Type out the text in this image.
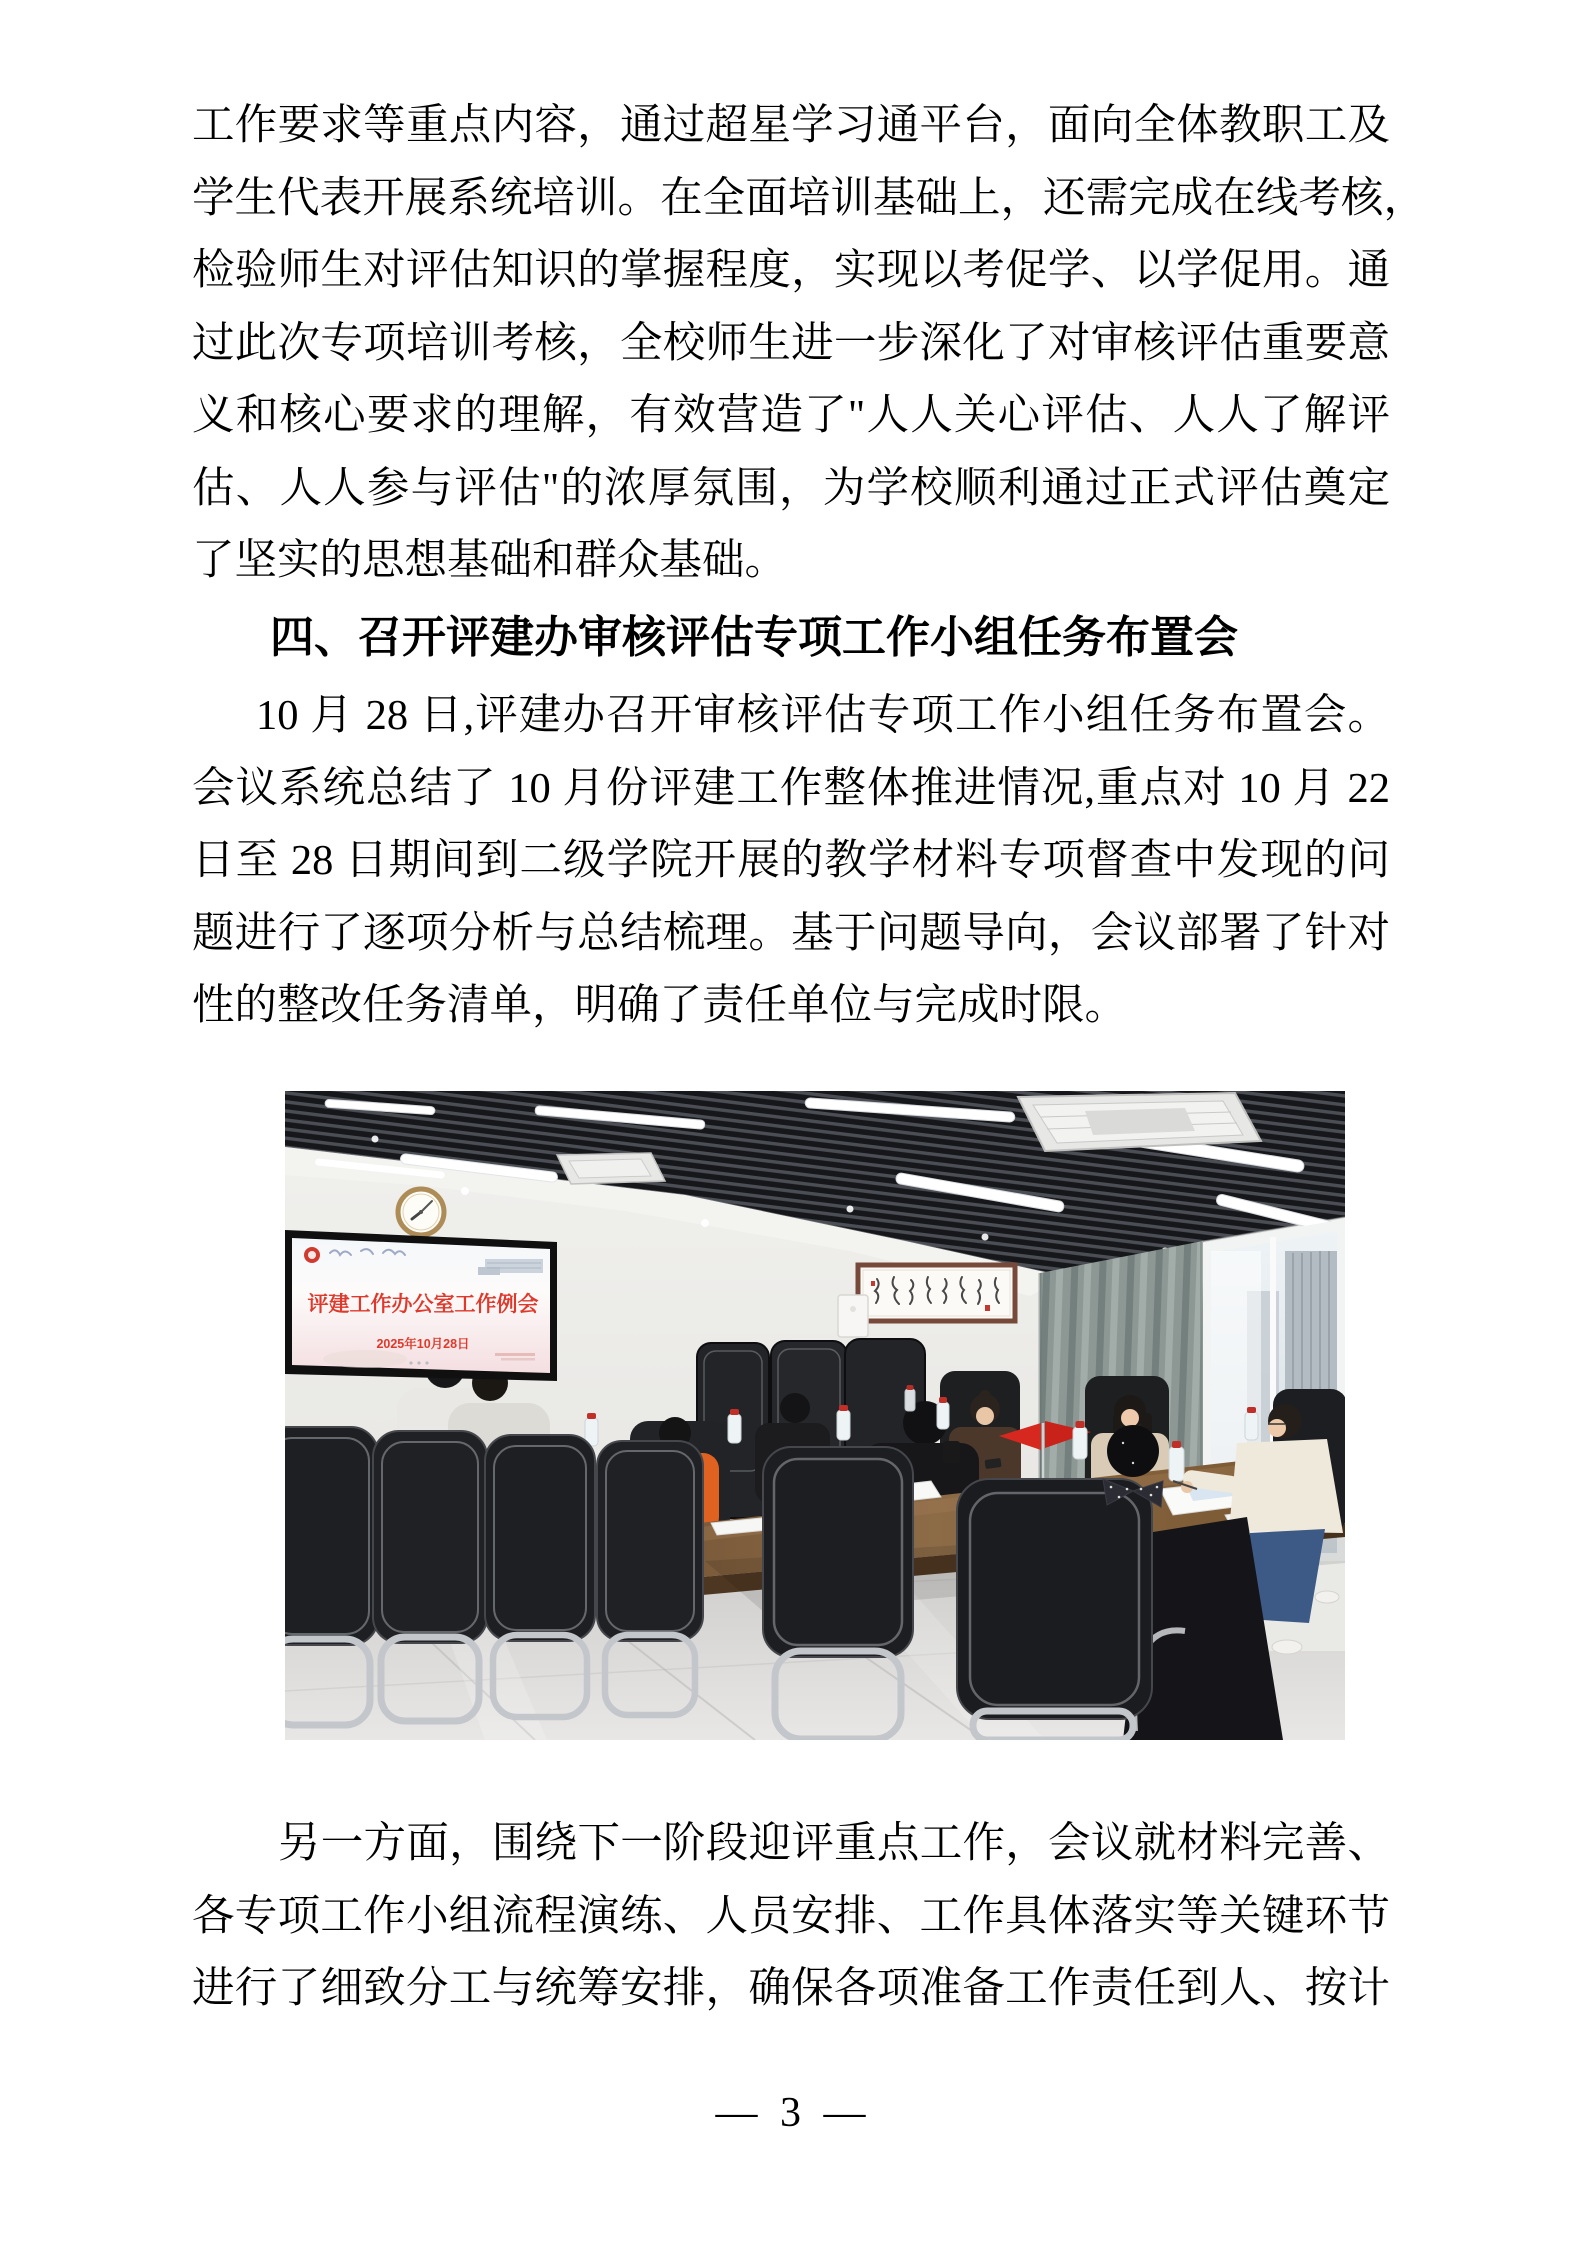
工作要求等重点内容，通过超星学习通平台，面向全体教职工及
学生代表开展系统培训。在全面培训基础上，还需完成在线考核，
检验师生对评估知识的掌握程度，实现以考促学、以学促用。通
过此次专项培训考核，全校师生进一步深化了对审核评估重要意
义和核心要求的理解，有效营造了"人人关心评估、人人了解评
估、人人参与评估"的浓厚氛围，为学校顺利通过正式评估奠定
了坚实的思想基础和群众基础。
四、召开评建办审核评估专项工作小组任务布置会
10 月 28 日,评建办召开审核评估专项工作小组任务布置会。
会议系统总结了 10 月份评建工作整体推进情况,重点对 10 月 22
日至 28 日期间到二级学院开展的教学材料专项督查中发现的问
题进行了逐项分析与总结梳理。基于问题导向，会议部署了针对
性的整改任务清单，明确了责任单位与完成时限。
评建工作办公室工作例会
2025年10月28日
另一方面，围绕下一阶段迎评重点工作，会议就材料完善、
各专项工作小组流程演练、人员安排、工作具体落实等关键环节
进行了细致分工与统筹安排，确保各项准备工作责任到人、按计
— 3 —
